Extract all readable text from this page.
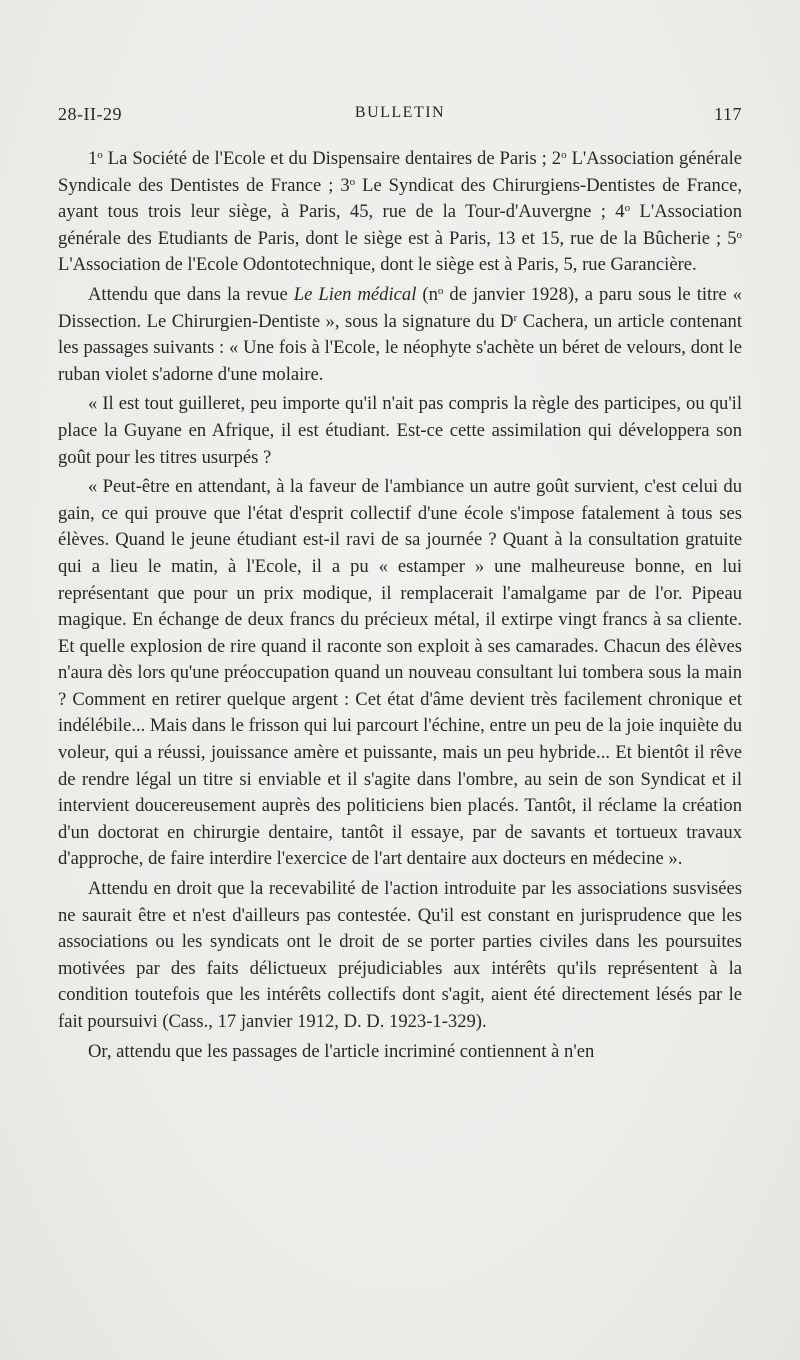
28-II-29	BULLETIN	117

1$^o$ La Société de l'Ecole et du Dispensaire dentaires de Paris ; 2$^o$ L'Association générale Syndicale des Dentistes de France ; 3$^o$ Le Syndicat des Chirurgiens-Dentistes de France, ayant tous trois leur siège, à Paris, 45, rue de la Tour-d'Auvergne ; 4$^o$ L'Association générale des Etudiants de Paris, dont le siège est à Paris, 13 et 15, rue de la Bûcherie ; 5$^o$ L'Association de l'Ecole Odontotechnique, dont le siège est à Paris, 5, rue Garancière.

Attendu que dans la revue Le Lien médical ($n^o$ de janvier 1928), a paru sous le titre « Dissection. Le Chirurgien-Dentiste », sous la signature du $D^r$ Cachera, un article contenant les passages suivants : « Une fois à l'Ecole, le néophyte s'achète un béret de velours, dont le ruban violet s'adorne d'une molaire.

« Il est tout guilleret, peu importe qu'il n'ait pas compris la règle des participes, ou qu'il place la Guyane en Afrique, il est étudiant. Est-ce cette assimilation qui développera son goût pour les titres usurpés ?

« Peut-être en attendant, à la faveur de l'ambiance un autre goût survient, c'est celui du gain, ce qui prouve que l'état d'esprit collectif d'une école s'impose fatalement à tous ses élèves. Quand le jeune étudiant est-il ravi de sa journée ? Quant à la consultation gratuite qui a lieu le matin, à l'Ecole, il a pu « estamper » une malheureuse bonne, en lui représentant que pour un prix modique, il remplacerait l'amalgame par de l'or. Pipeau magique. En échange de deux francs du précieux métal, il extirpe vingt francs à sa cliente. Et quelle explosion de rire quand il raconte son exploit à ses camarades. Chacun des élèves n'aura dès lors qu'une préoccupation quand un nouveau consultant lui tombera sous la main ? Comment en retirer quelque argent : Cet état d'âme devient très facilement chronique et indélébile... Mais dans le frisson qui lui parcourt l'échine, entre un peu de la joie inquiète du voleur, qui a réussi, jouissance amère et puissante, mais un peu hybride... Et bientôt il rêve de rendre légal un titre si enviable et il s'agite dans l'ombre, au sein de son Syndicat et il intervient doucereusement auprès des politiciens bien placés. Tantôt, il réclame la création d'un doctorat en chirurgie dentaire, tantôt il essaye, par de savants et tortueux travaux d'approche, de faire interdire l'exercice de l'art dentaire aux docteurs en médecine ».

Attendu en droit que la recevabilité de l'action introduite par les associations susvisées ne saurait être et n'est d'ailleurs pas contestée. Qu'il est constant en jurisprudence que les associations ou les syndicats ont le droit de se porter parties civiles dans les poursuites motivées par des faits délictueux préjudiciables aux intérêts qu'ils représentent à la condition toutefois que les intérêts collectifs dont s'agit, aient été directement lésés par le fait poursuivi (Cass., 17 janvier 1912, D. D. 1923-1-329).

Or, attendu que les passages de l'article incriminé contiennent à n'en
